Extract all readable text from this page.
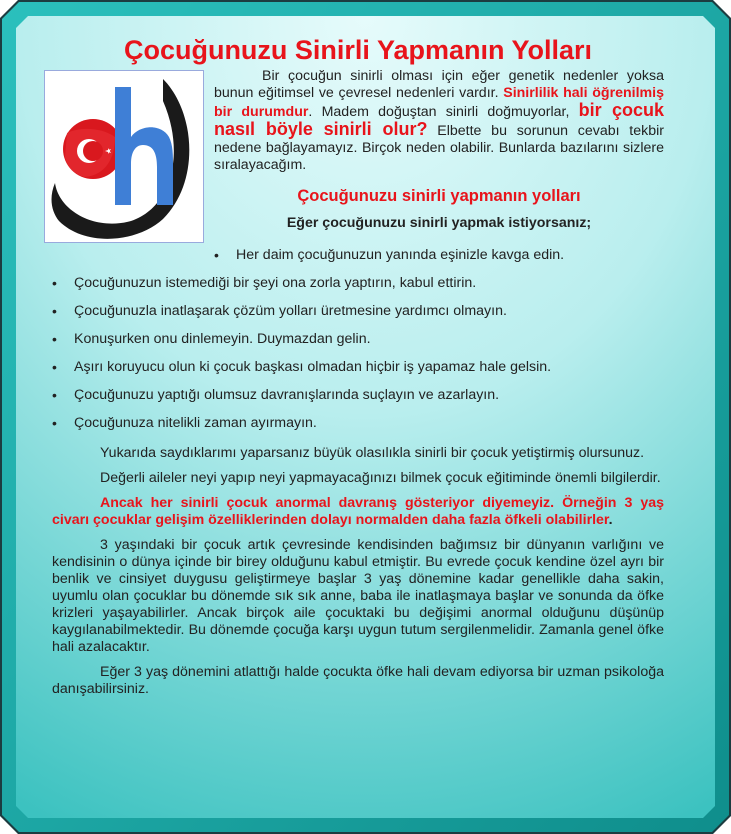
Çocuğunuzu Sinirli Yapmanın Yolları
Bir çocuğun sinirli olması için eğer genetik nedenler yoksa bunun eğitimsel ve çevresel nedenleri vardır. Sinirlilik hali öğrenilmiş bir durumdur. Madem doğuştan sinirli doğmuyorlar, bir çocuk nasıl böyle sinirli olur? Elbette bu sorunun cevabı tekbir nedene bağlayamayız. Birçok neden olabilir. Bunlarda bazılarını sizlere sıralayacağım.
Çocuğunuzu sinirli yapmanın yolları
Eğer çocuğunuzu sinirli yapmak istiyorsanız;
• Her daim çocuğunuzun yanında eşinizle kavga edin.
• Çocuğunuzun istemediği bir şeyi ona zorla yaptırın, kabul ettirin.
• Çocuğunuzla inatlaşarak çözüm yolları üretmesine yardımcı olmayın.
• Konuşurken onu dinlemeyin. Duymazdan gelin.
• Aşırı koruyucu olun ki çocuk başkası olmadan hiçbir iş yapamaz hale gelsin.
• Çocuğunuzu yaptığı olumsuz davranışlarında suçlayın ve azarlayın.
• Çocuğunuza nitelikli zaman ayırmayın.

Yukarıda saydıklarımı yaparsanız büyük olasılıkla sinirli bir çocuk yetiştirmiş olursunuz.

Değerli aileler neyi yapıp neyi yapmayacağınızı bilmek çocuk eğitiminde önemli bilgilerdir.

Ancak her sinirli çocuk anormal davranış gösteriyor diyemeyiz. Örneğin 3 yaş civarı çocuklar gelişim özelliklerinden dolayı normalden daha fazla öfkeli olabilirler.

3 yaşındaki bir çocuk artık çevresinde kendisinden bağımsız bir dünyanın varlığını ve kendisinin o dünya içinde bir birey olduğunu kabul etmiştir. Bu evrede çocuk kendine özel ayrı bir benlik ve cinsiyet duygusu geliştirmeye başlar 3 yaş dönemine kadar genellikle daha sakin, uyumlu olan çocuklar bu dönemde sık sık anne, baba ile inatlaşmaya başlar ve sonunda da öfke krizleri yaşayabilirler. Ancak birçok aile çocuktaki bu değişimi anormal olduğunu düşünüp kaygılanabilmektedir. Bu dönemde çocuğa karşı uygun tutum sergilenmelidir. Zamanla genel öfke hali azalacaktır.

Eğer 3 yaş dönemini atlattığı halde çocukta öfke hali devam ediyorsa bir uzman psikoloğa danışabilirsiniz.
